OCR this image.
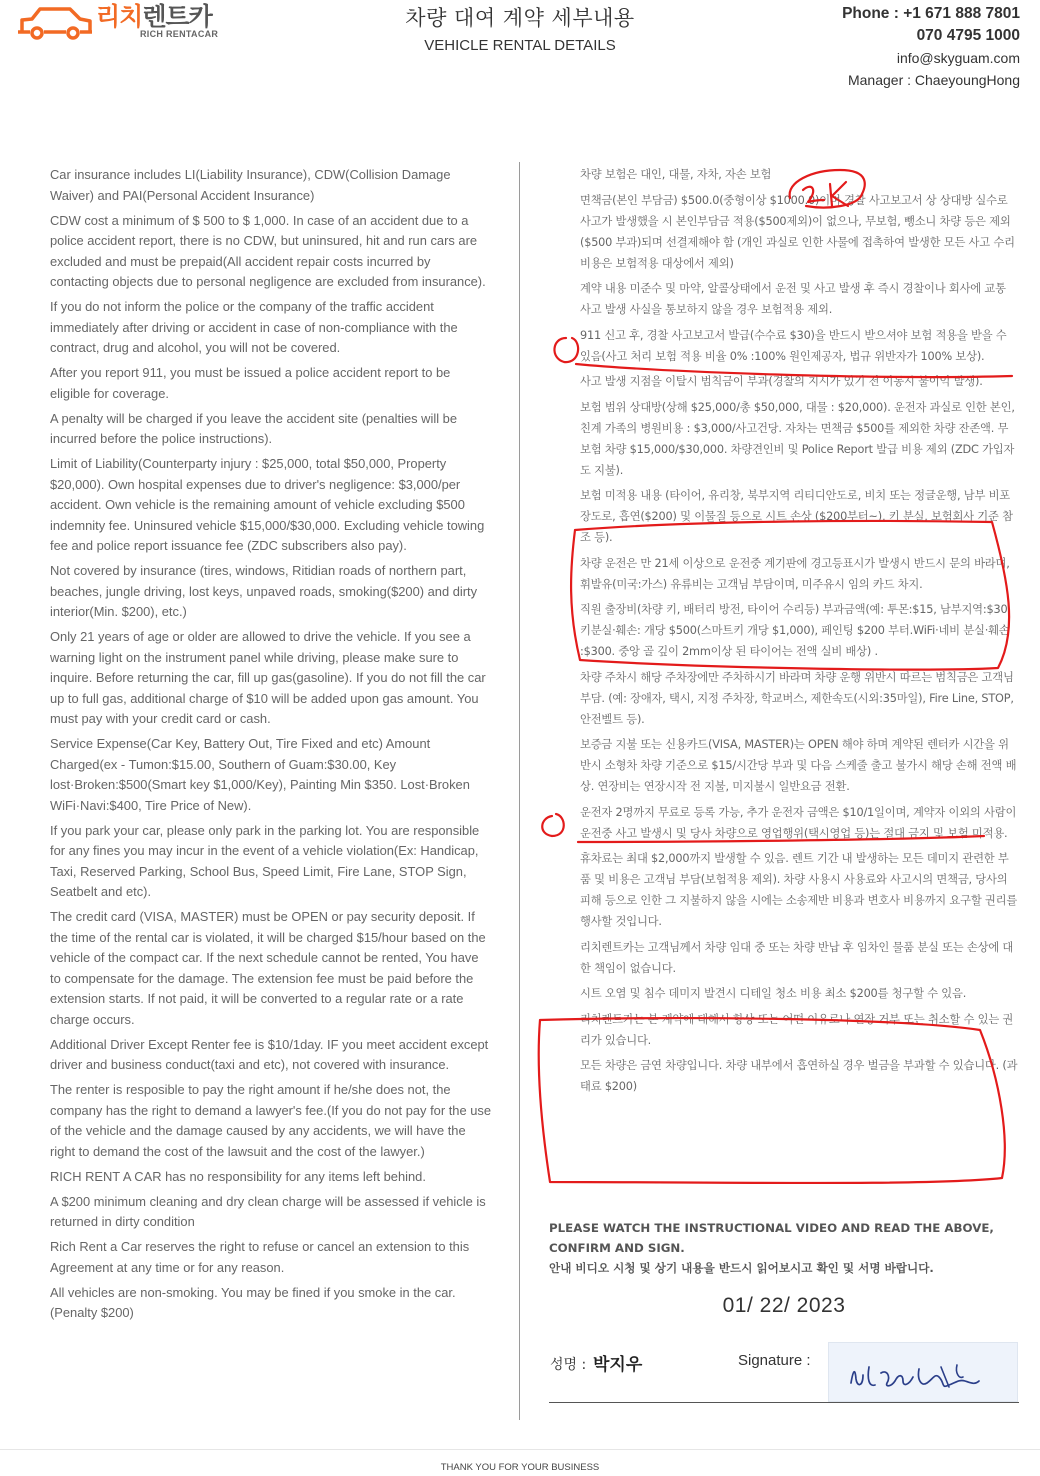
리치렌트카
RICH RENTACAR
차량 대여 계약 세부내용
VEHICLE RENTAL DETAILS
Phone : +1 671 888 7801
070 4795 1000
info@skyguam.com
Manager : ChaeyoungHong

Car insurance includes LI(Liability Insurance), CDW(Collision Damage Waiver) and PAI(Personal Accident Insurance)

CDW cost a minimum of $ 500 to $ 1,000. In case of an accident due to a police accident report, there is no CDW, but uninsured, hit and run cars are excluded and must be prepaid(All accident repair costs incurred by contacting objects due to personal negligence are excluded from insurance).

If you do not inform the police or the company of the traffic accident immediately after driving or accident in case of non-compliance with the contract, drug and alcohol, you will not be covered.

After you report 911, you must be issued a police accident report to be eligible for coverage.

A penalty will be charged if you leave the accident site (penalties will be incurred before the police instructions).

Limit of Liability(Counterparty injury : $25,000, total $50,000, Property $20,000). Own hospital expenses due to driver's negligence: $3,000/per accident. Own vehicle is the remaining amount of vehicle excluding $500 indemnity fee. Uninsured vehicle $15,000/$30,000. Excluding vehicle towing fee and police report issuance fee (ZDC subscribers also pay).

Not covered by insurance (tires, windows, Ritidian roads of northern part, beaches, jungle driving, lost keys, unpaved roads, smoking($200) and dirty interior(Min. $200), etc.)

Only 21 years of age or older are allowed to drive the vehicle. If you see a warning light on the instrument panel while driving, please make sure to inquire. Before returning the car, fill up gas(gasoline). If you do not fill the car up to full gas, additional charge of $10 will be added upon gas amount. You must pay with your credit card or cash.

Service Expense(Car Key, Battery Out, Tire Fixed and etc) Amount Charged(ex - Tumon:$15.00, Southern of Guam:$30.00, Key lost·Broken:$500(Smart key $1,000/Key), Painting Min $350. Lost·Broken WiFi·Navi:$400, Tire Price of New).

If you park your car, please only park in the parking lot. You are responsible for any fines you may incur in the event of a vehicle violation(Ex: Handicap, Taxi, Reserved Parking, School Bus, Speed Limit, Fire Lane, STOP Sign, Seatbelt and etc).

The credit card (VISA, MASTER) must be OPEN or pay security deposit. If the time of the rental car is violated, it will be charged $15/hour based on the vehicle of the compact car. If the next schedule cannot be rented, You have to compensate for the damage. The extension fee must be paid before the extension starts. If not paid, it will be converted to a regular rate or a rate charge occurs.

Additional Driver Except Renter fee is $10/1day. IF you meet accident except driver and business conduct(taxi and etc), not covered with insurance.

The renter is resposible to pay the right amount if he/she does not, the company has the right to demand a lawyer's fee.(If you do not pay for the use of the vehicle and the damage caused by any accidents, we will have the right to demand the cost of the lawsuit and the cost of the lawyer.)

RICH RENT A CAR has no responsibility for any items left behind.

A $200 minimum cleaning and dry clean charge will be assessed if vehicle is returned in dirty condition

Rich Rent a Car reserves the right to refuse or cancel an extension to this Agreement at any time or for any reason.

All vehicles are non-smoking. You may be fined if you smoke in the car. (Penalty $200)

차량 보험은 대인, 대물, 자차, 자손 보험

면책금(본인 부담금) $500.0(중형이상 $1000.0)이며 경찰 사고보고서 상 상대방 실수로 사고가 발생했을 시 본인부담금 적용($500제외)이 없으나, 무보험, 뺑소니 차량 등은 제외($500 부과)되며 선결제해야 함 (개인 과실로 인한 사물에 접촉하여 발생한 모든 사고 수리비용은 보험적용 대상에서 제외)

계약 내용 미준수 및 마약, 알콜상태에서 운전 및 사고 발생 후 즉시 경찰이나 회사에 교통 사고 발생 사실을 통보하지 않을 경우 보험적용 제외.

911 신고 후, 경찰 사고보고서 발급(수수료 $30)을 반드시 받으셔야 보험 적용을 받을 수 있음(사고 처리 보험 적용 비율 0% :100% 원인제공자, 법규 위반자가 100% 보상).

사고 발생 지점을 이탈시 범칙금이 부과(경찰의 지시가 있기 전 이동시 불이익 발생).

보험 범위 상대방(상해 $25,000/총 $50,000, 대물 : $20,000). 운전자 과실로 인한 본인, 친계 가족의 병원비용 : $3,000/사고건당. 자차는 면책금 $500를 제외한 차량 잔존액. 무보험 차량 $15,000/$30,000. 차량견인비 및 Police Report 발급 비용 제외 (ZDC 가입자도 지불).

보험 미적용 내용 (타이어, 유리창, 북부지역 리티디안도로, 비치 또는 정글운행, 남부 비포장도로, 흡연($200) 및 이물질 등으로 시트 손상 ($200부터~), 키 분실, 보험회사 기준 참조 등).

차량 운전은 만 21세 이상으로 운전중 계기판에 경고등표시가 발생시 반드시 문의 바라며, 휘발유(미국:가스) 유류비는 고객님 부담이며, 미주유시 임의 카드 차지.

직원 출장비(차량 키, 배터리 방전, 타이어 수리등) 부과금액(예: 투몬:$15, 남부지역:$30, 키분실·훼손: 개당 $500(스마트키 개당 $1,000), 페인팅 $200 부터.WiFi·네비 분실·훼손 :$300. 중앙 골 깊이 2mm이상 된 타이어는 전액 실비 배상) .

차량 주차시 해당 주차장에만 주차하시기 바라며 차량 운행 위반시 따르는 범칙금은 고객님 부담. (예: 장애자, 택시, 지정 주차장, 학교버스, 제한속도(시외:35마일), Fire Line, STOP, 안전벨트 등).

보증금 지불 또는 신용카드(VISA, MASTER)는 OPEN 해야 하며 계약된 렌터카 시간을 위반시 소형차 차량 기준으로 $15/시간당 부과 및 다음 스케줄 출고 불가시 해당 손해 전액 배상. 연장비는 연장시작 전 지불, 미지불시 일반요금 전환.

운전자 2명까지 무료로 등록 가능, 추가 운전자 금액은 $10/1일이며, 계약자 이외의 사람이 운전중 사고 발생시 및 당사 차량으로 영업행위(택시영업 등)는 절대 금지 및 보험 미적용.

휴차료는 최대 $2,000까지 발생할 수 있음. 렌트 기간 내 발생하는 모든 데미지 관련한 부품 및 비용은 고객님 부담(보험적용 제외). 차량 사용시 사용료와 사고시의 면책금, 당사의 피해 등으로 인한 그 지불하지 않을 시에는 소송제반 비용과 변호사 비용까지 요구할 권리를 행사할 것입니다.

리치렌트카는 고객님께서 차량 임대 중 또는 차량 반납 후 임차인 물품 분실 또는 손상에 대한 책임이 없습니다.

시트 오염 및 침수 데미지 발견시 디테일 청소 비용 최소 $200를 청구할 수 있음.

리치렌트카는 본 계약에 대해서 항상 또는 어떤 이유로나 연장 거부 또는 취소할 수 있는 권리가 있습니다.

모든 차량은 금연 차량입니다. 차량 내부에서 흡연하실 경우 벌금을 부과할 수 있습니다. (과태료 $200)

PLEASE WATCH THE INSTRUCTIONAL VIDEO AND READ THE ABOVE,
CONFIRM AND SIGN.
안내 비디오 시청 및 상기 내용을 반드시 읽어보시고 확인 및 서명 바랍니다.
01/ 22/ 2023
성명 : 박지우	Signature :
THANK YOU FOR YOUR BUSINESS
